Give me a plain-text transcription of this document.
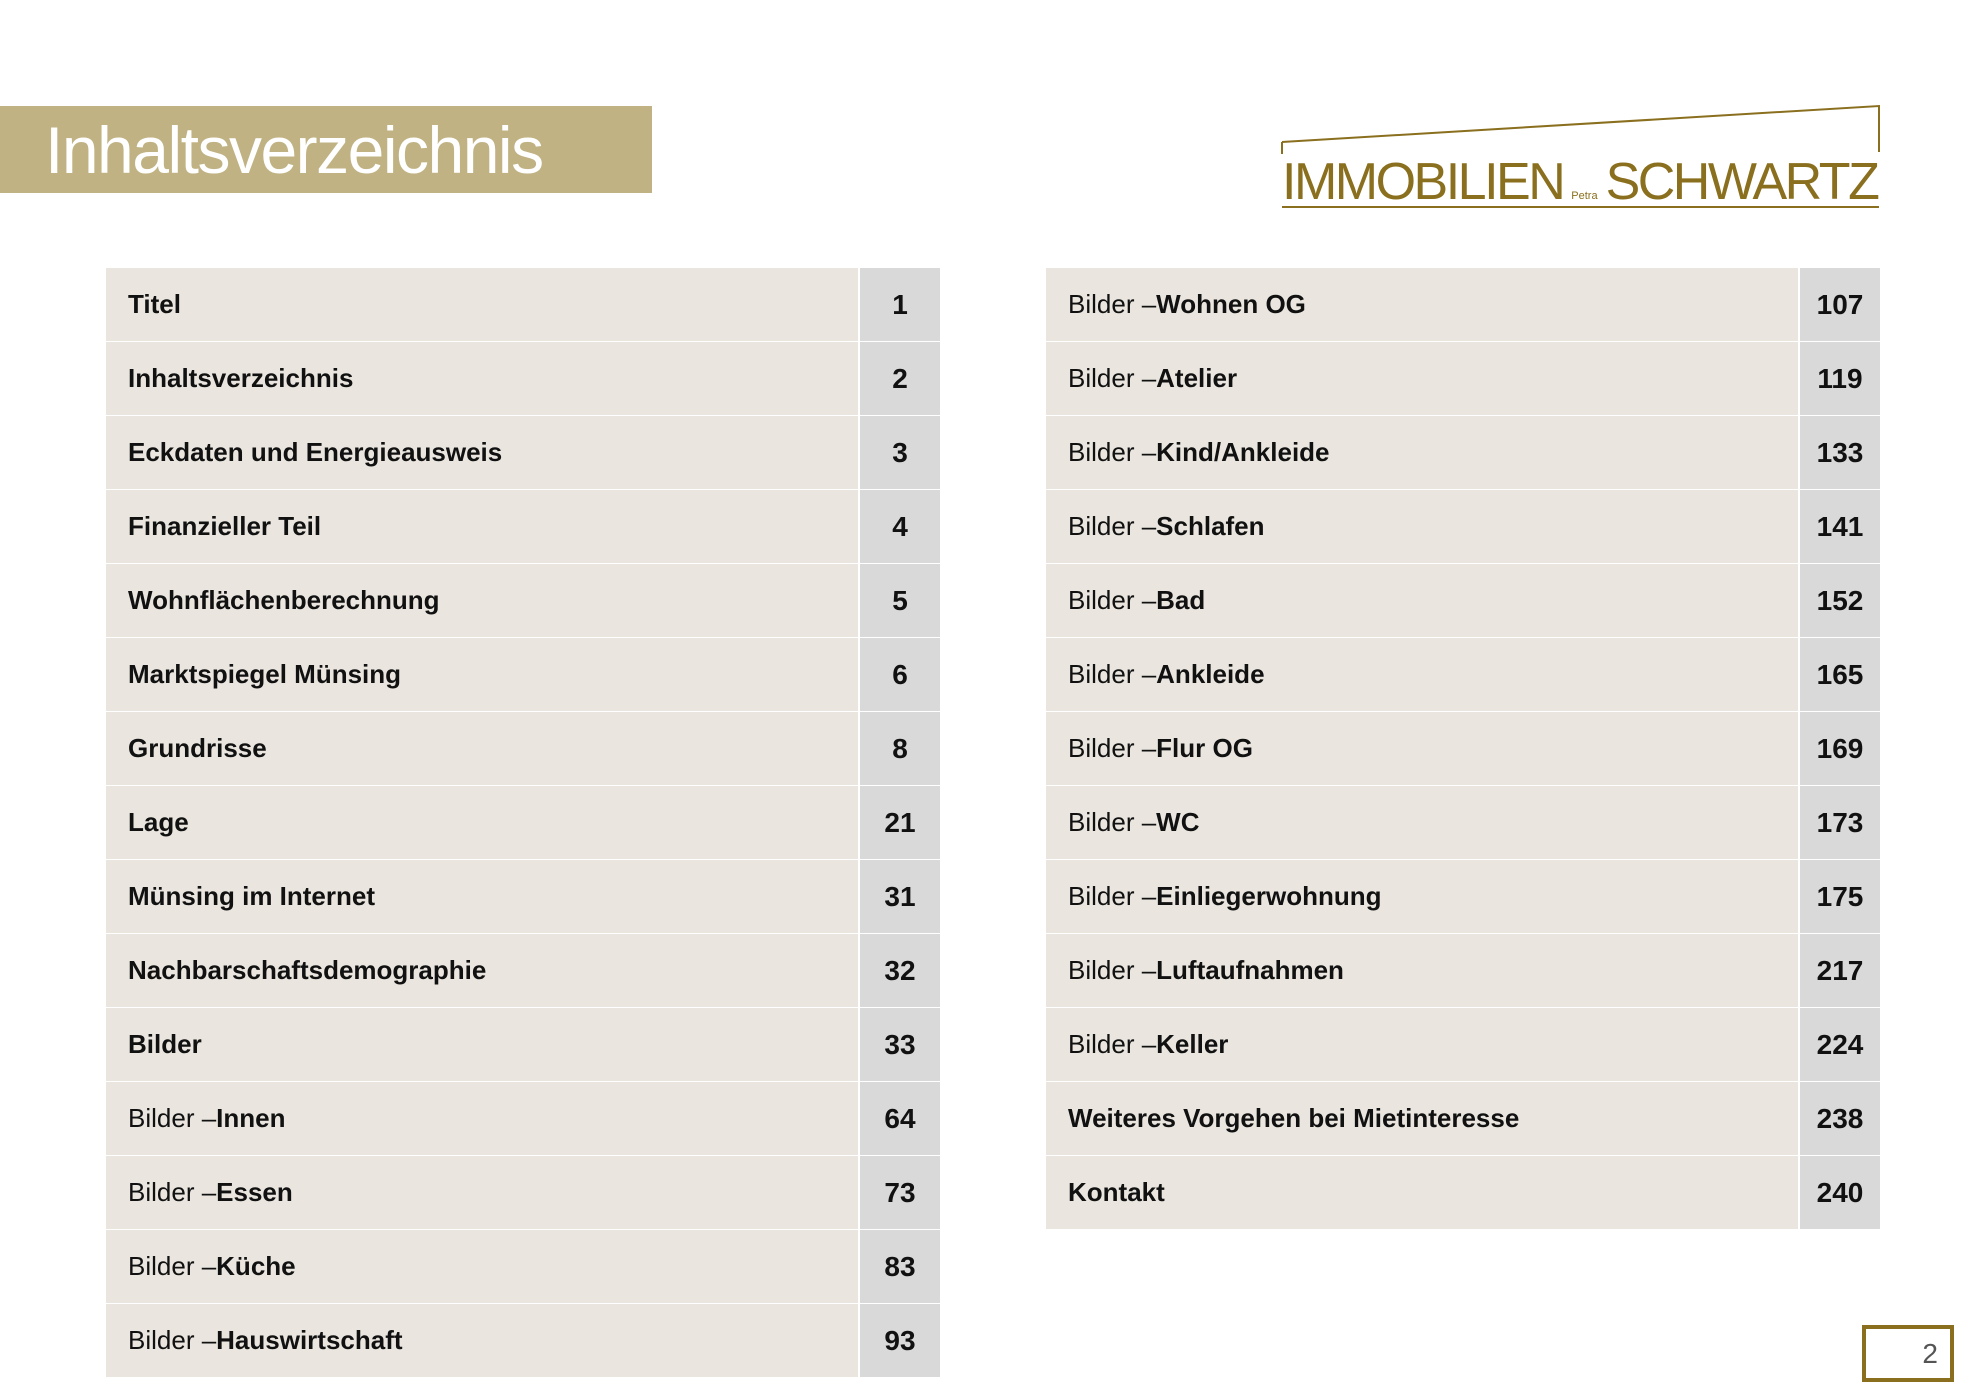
Inhaltsverzeichnis	IMMOBILIEN Petra SCHWARTZ
Titel	1
Inhaltsverzeichnis	2
Eckdaten und Energieausweis	3
Finanzieller Teil	4
Wohnflächenberechnung	5
Marktspiegel Münsing	6
Grundrisse	8
Lage	21
Münsing im Internet	31
Nachbarschaftsdemographie	32
Bilder	33
Bilder – Innen	64
Bilder – Essen	73
Bilder – Küche	83
Bilder – Hauswirtschaft	93
Bilder – Wohnen OG	107
Bilder – Atelier	119
Bilder – Kind/Ankleide	133
Bilder – Schlafen	141
Bilder – Bad	152
Bilder – Ankleide	165
Bilder – Flur OG	169
Bilder – WC	173
Bilder – Einliegerwohnung	175
Bilder – Luftaufnahmen	217
Bilder – Keller	224
Weiteres Vorgehen bei Mietinteresse	238
Kontakt	240
2
